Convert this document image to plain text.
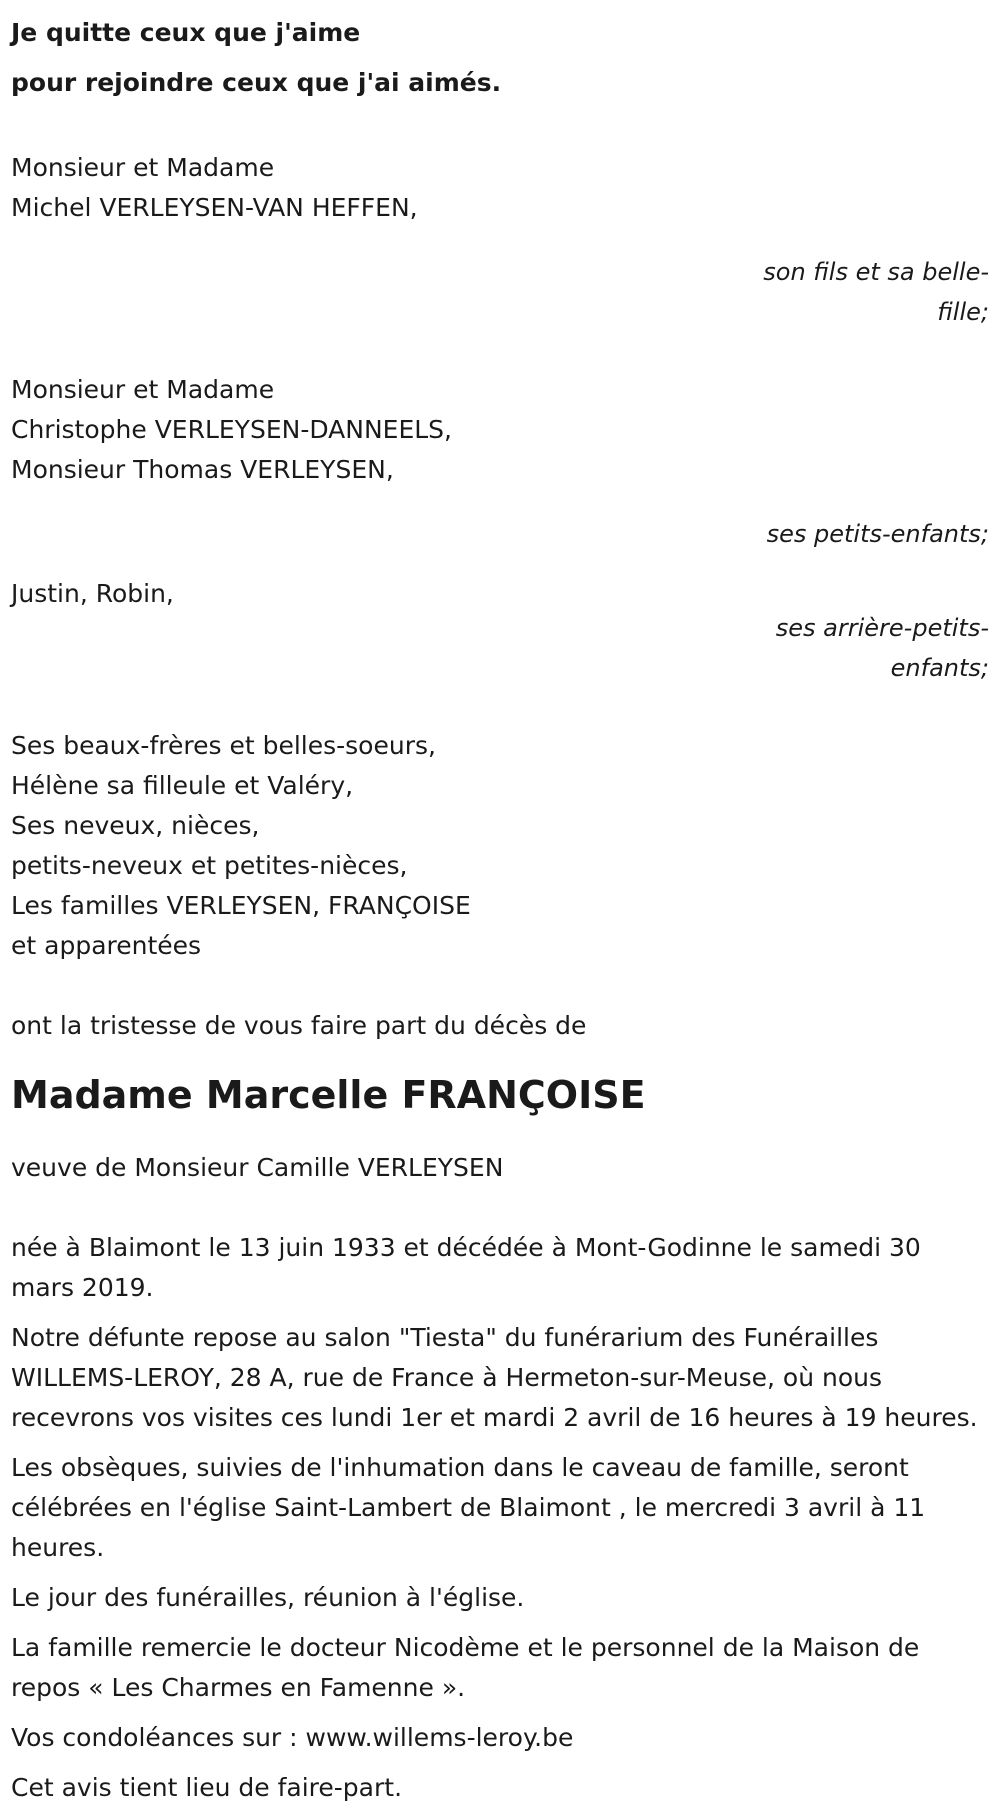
Je quitte ceux que j'aime

pour rejoindre ceux que j'ai aimés.

Monsieur et Madame

Michel VERLEYSEN-VAN HEFFEN,

son fils et sa belle-fille;

Monsieur et Madame

Christophe VERLEYSEN-DANNEELS,

Monsieur Thomas VERLEYSEN,

ses petits-enfants;

Justin, Robin,

ses arrière-petits-enfants;

Ses beaux-frères et belles-soeurs,

Hélène sa filleule et Valéry,

Ses neveux, nièces,

petits-neveux et petites-nièces,

Les familles VERLEYSEN, FRANÇOISE

et apparentées

ont la tristesse de vous faire part du décès de

Madame Marcelle FRANÇOISE

veuve de Monsieur Camille VERLEYSEN

née à Blaimont le 13 juin 1933 et décédée à Mont-Godinne le samedi 30 mars 2019.

Notre défunte repose au salon "Tiesta" du funérarium des Funérailles WILLEMS-LEROY, 28 A, rue de France à Hermeton-sur-Meuse, où nous recevrons vos visites ces lundi 1er et mardi 2 avril de 16 heures à 19 heures.

Les obsèques, suivies de l'inhumation dans le caveau de famille, seront célébrées en l'église Saint-Lambert de Blaimont , le mercredi 3 avril à 11 heures.

Le jour des funérailles, réunion à l'église.

La famille remercie le docteur Nicodème et le personnel de la Maison de repos « Les Charmes en Famenne ».

Vos condoléances sur : www.willems-leroy.be

Cet avis tient lieu de faire-part.
